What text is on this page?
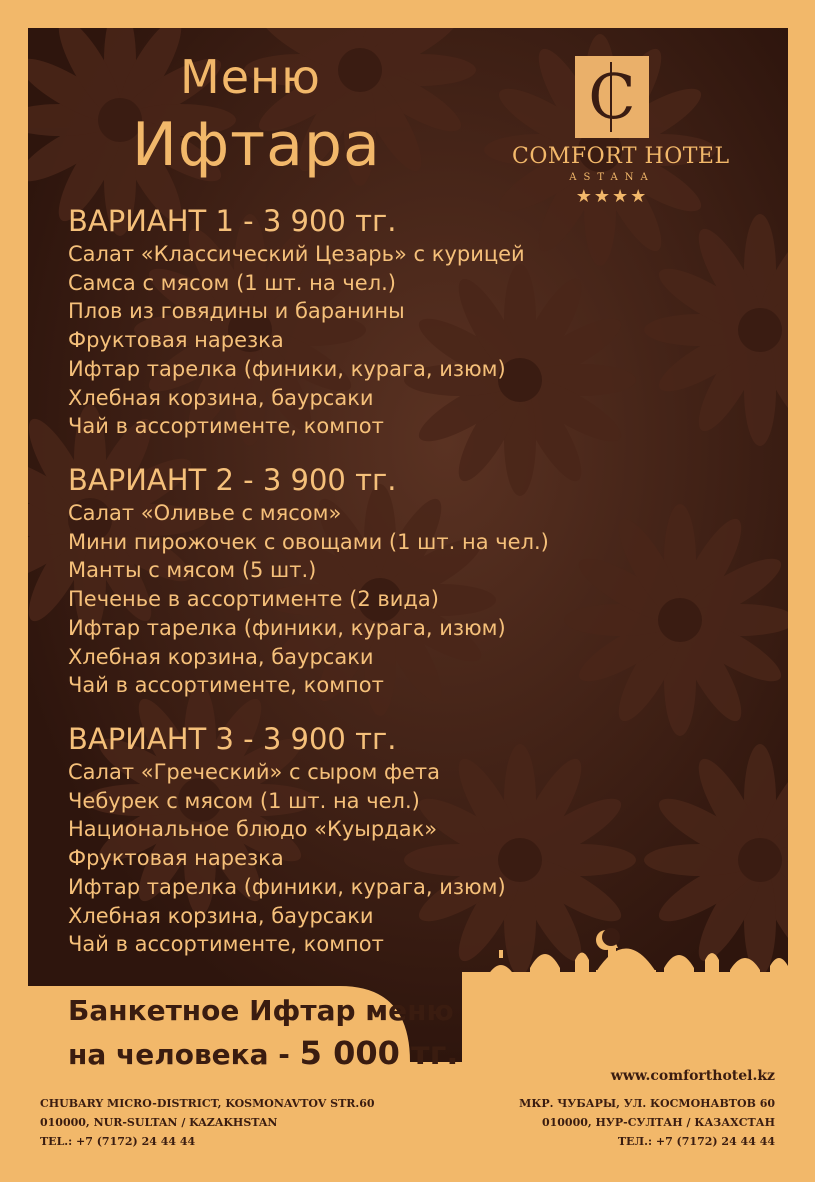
Меню
Ифтара
C
COMFORT HOTEL
ASTANA
★★★★

ВАРИАНТ 1 - 3 900 тг.

Салат «Классический Цезарь» с курицей

Самса с мясом (1 шт. на чел.)

Плов из говядины и баранины

Фруктовая нарезка

Ифтар тарелка (финики, курага, изюм)

Хлебная корзина, баурсаки

Чай в ассортименте, компот

ВАРИАНТ 2 - 3 900 тг.

Салат «Оливье с мясом»

Мини пирожочек с овощами (1 шт. на чел.)

Манты с мясом (5 шт.)

Печенье в ассортименте (2 вида)

Ифтар тарелка (финики, курага, изюм)

Хлебная корзина, баурсаки

Чай в ассортименте, компот

ВАРИАНТ 3 - 3 900 тг.

Салат «Греческий» с сыром фета

Чебурек с мясом (1 шт. на чел.)

Национальное блюдо «Куырдак»

Фруктовая нарезка

Ифтар тарелка (финики, курага, изюм)

Хлебная корзина, баурсаки

Чай в ассортименте, компот

Банкетное Ифтар меню
на человека - 5 000 тг.
www.comforthotel.kz
CHUBARY MICRO-DISTRICT, KOSMONAVTOV STR.60
010000, NUR-SULTAN / KAZAKHSTAN
TEL.: +7 (7172) 24 44 44
МКР. ЧУБАРЫ, УЛ. КОСМОНАВТОВ 60
010000, НУР-СУЛТАН / КАЗАХСТАН
ТЕЛ.: +7 (7172) 24 44 44
